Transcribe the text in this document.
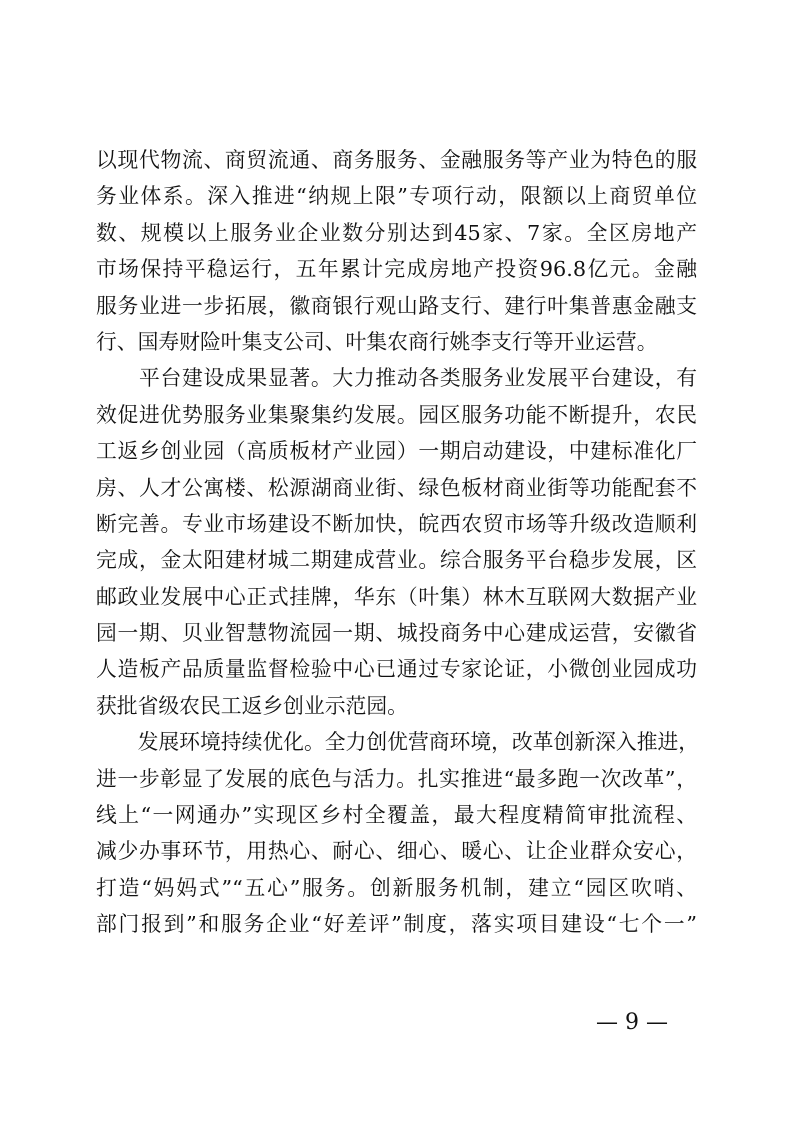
以现代物流、商贸流通、商务服务、金融服务等产业为特色的服
务业体系。深入推进“纳规上限”专项行动，限额以上商贸单位
数、规模以上服务业企业数分别达到45家、7家。全区房地产
市场保持平稳运行，五年累计完成房地产投资96.8亿元。金融
服务业进一步拓展，徽商银行观山路支行、建行叶集普惠金融支
行、国寿财险叶集支公司、叶集农商行姚李支行等开业运营。

　　平台建设成果显著。大力推动各类服务业发展平台建设，有
效促进优势服务业集聚集约发展。园区服务功能不断提升，农民
工返乡创业园（高质板材产业园）一期启动建设，中建标准化厂
房、人才公寓楼、松源湖商业街、绿色板材商业街等功能配套不
断完善。专业市场建设不断加快，皖西农贸市场等升级改造顺利
完成，金太阳建材城二期建成营业。综合服务平台稳步发展，区
邮政业发展中心正式挂牌，华东（叶集）林木互联网大数据产业
园一期、贝业智慧物流园一期、城投商务中心建成运营，安徽省
人造板产品质量监督检验中心已通过专家论证，小微创业园成功
获批省级农民工返乡创业示范园。

　　发展环境持续优化。全力创优营商环境，改革创新深入推进，
进一步彰显了发展的底色与活力。扎实推进“最多跑一次改革”，
线上“一网通办”实现区乡村全覆盖，最大程度精简审批流程、
减少办事环节，用热心、耐心、细心、暖心、让企业群众安心，
打造“妈妈式”“五心”服务。创新服务机制，建立“园区吹哨、
部门报到”和服务企业“好差评”制度，落实项目建设“七个一”

— 9 —
